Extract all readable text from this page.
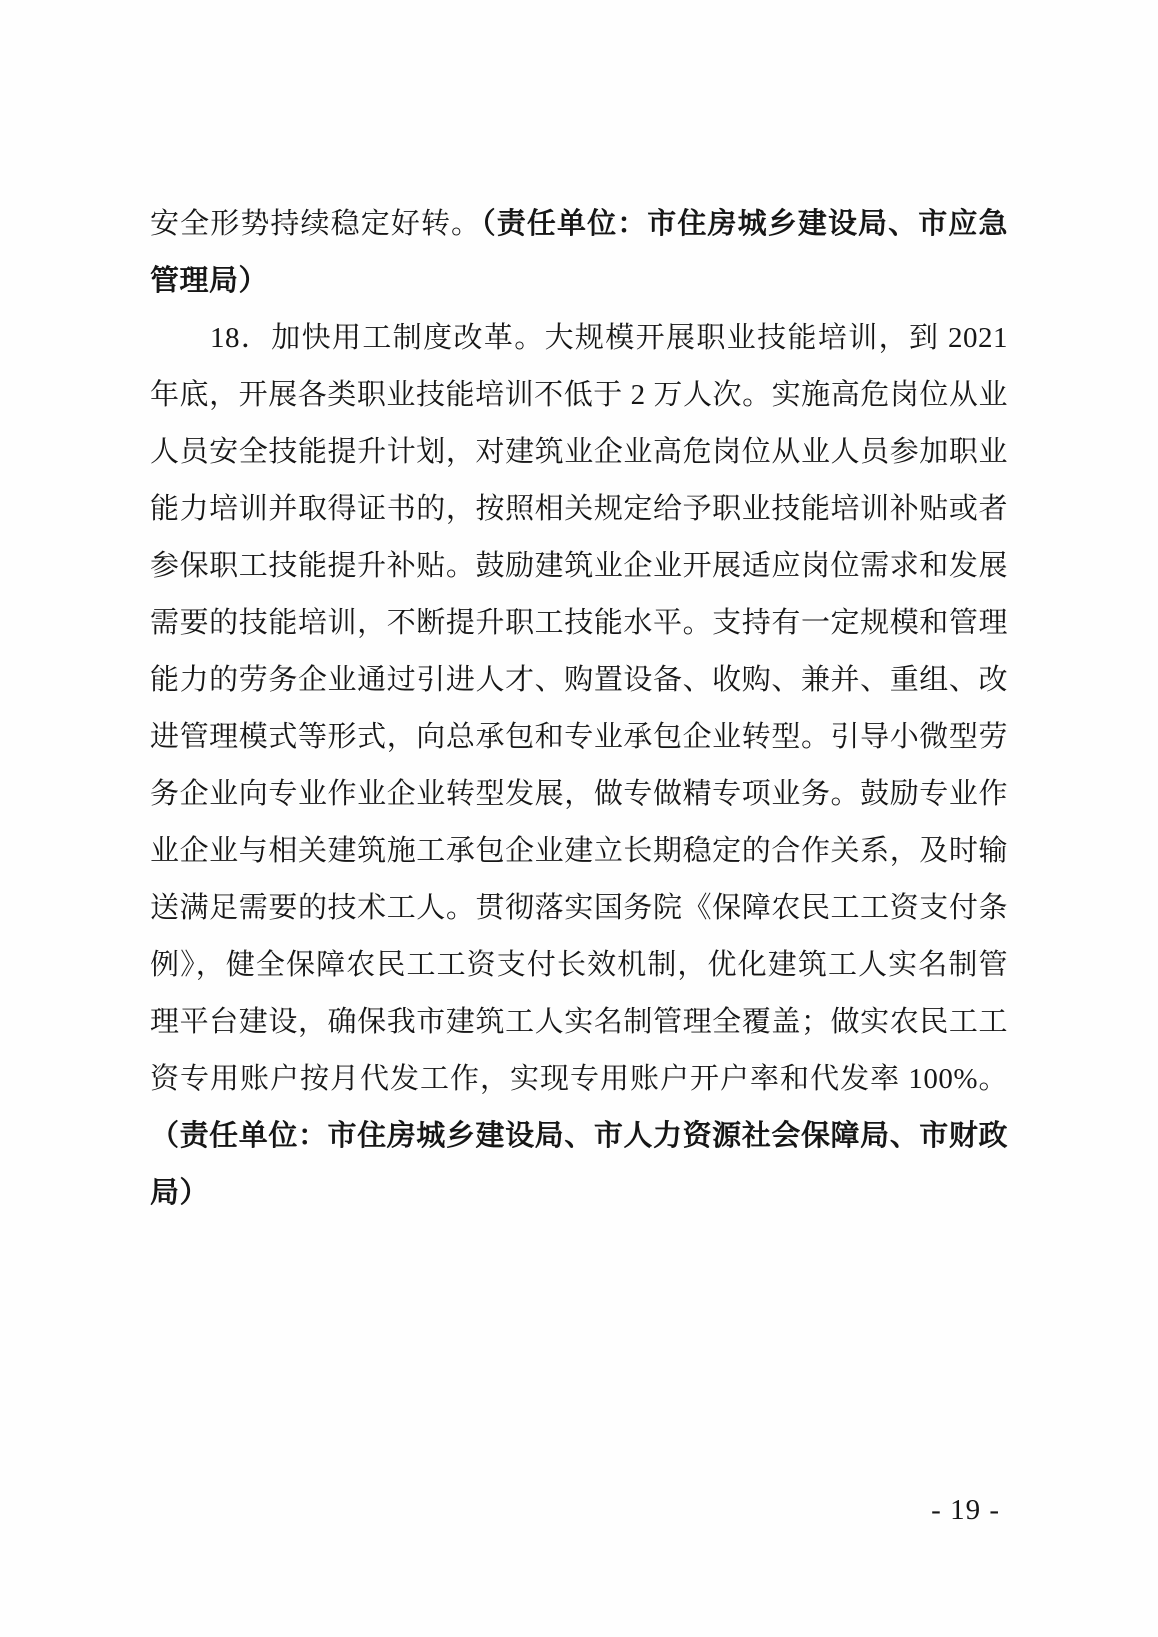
安全形势持续稳定好转。（责任单位：市住房城乡建设局、市应急管理局）

18．加快用工制度改革。大规模开展职业技能培训，到 2021 年底，开展各类职业技能培训不低于 2 万人次。实施高危岗位从业人员安全技能提升计划，对建筑业企业高危岗位从业人员参加职业能力培训并取得证书的，按照相关规定给予职业技能培训补贴或者参保职工技能提升补贴。鼓励建筑业企业开展适应岗位需求和发展需要的技能培训，不断提升职工技能水平。支持有一定规模和管理能力的劳务企业通过引进人才、购置设备、收购、兼并、重组、改进管理模式等形式，向总承包和专业承包企业转型。引导小微型劳务企业向专业作业企业转型发展，做专做精专项业务。鼓励专业作业企业与相关建筑施工承包企业建立长期稳定的合作关系，及时输送满足需要的技术工人。贯彻落实国务院《保障农民工工资支付条例》，健全保障农民工工资支付长效机制，优化建筑工人实名制管理平台建设，确保我市建筑工人实名制管理全覆盖；做实农民工工资专用账户按月代发工作，实现专用账户开户率和代发率 100%。（责任单位：市住房城乡建设局、市人力资源社会保障局、市财政局）

- 19 -
